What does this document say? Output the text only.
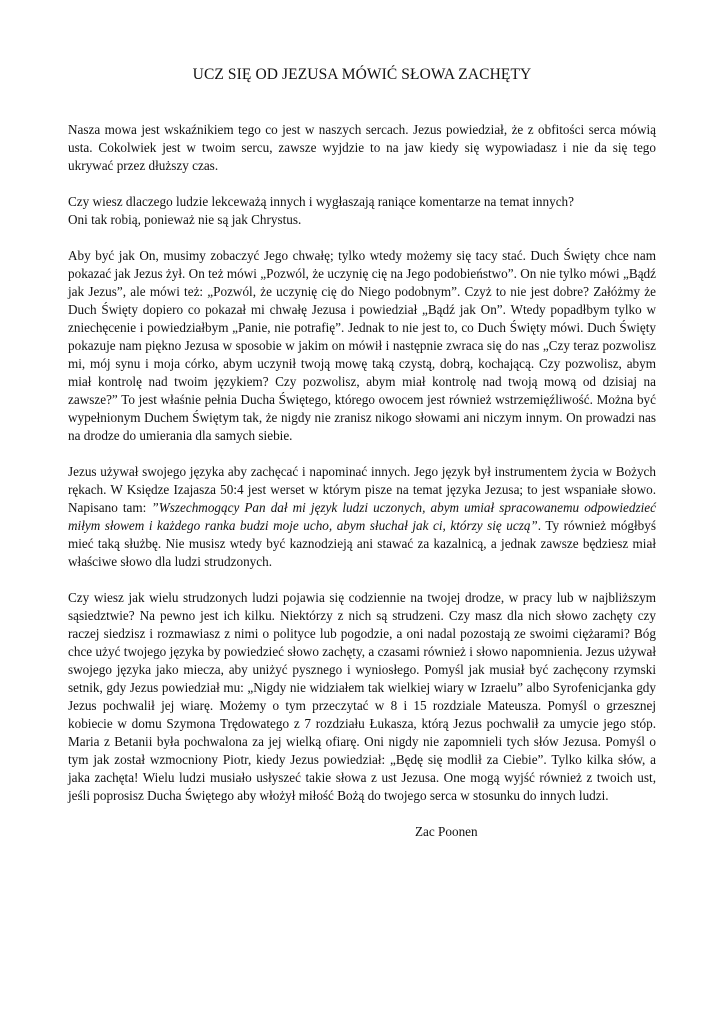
UCZ SIĘ OD JEZUSA MÓWIĆ SŁOWA ZACHĘTY

Nasza mowa jest wskaźnikiem tego co jest w naszych sercach. Jezus powiedział, że z obfitości serca mówią usta. Cokolwiek jest w twoim sercu, zawsze wyjdzie to na jaw kiedy się wypowiadasz i nie da się tego ukrywać przez dłuższy czas.

Czy wiesz dlaczego ludzie lekceważą innych i wygłaszają raniące komentarze na temat innych?
Oni tak robią, ponieważ nie są jak Chrystus.

Aby być jak On, musimy zobaczyć Jego chwałę; tylko wtedy możemy się tacy stać. Duch Święty chce nam pokazać jak Jezus żył. On też mówi „Pozwól, że uczynię cię na Jego podobieństwo”. On nie tylko mówi „Bądź jak Jezus”, ale mówi też: „Pozwól, że uczynię cię do Niego podobnym”. Czyż to nie jest dobre? Załóżmy że Duch Święty dopiero co pokazał mi chwałę Jezusa i powiedział „Bądź jak On”. Wtedy popadłbym tylko w zniechęcenie i powiedziałbym „Panie, nie potrafię”. Jednak to nie jest to, co Duch Święty mówi. Duch Święty pokazuje nam piękno Jezusa w sposobie w jakim on mówił i następnie zwraca się do nas „Czy teraz pozwolisz mi, mój synu i moja córko, abym uczynił twoją mowę taką czystą, dobrą, kochającą. Czy pozwolisz, abym miał kontrolę nad twoim językiem? Czy pozwolisz, abym miał kontrolę nad twoją mową od dzisiaj na zawsze?” To jest właśnie pełnia Ducha Świętego, którego owocem jest również wstrzemięźliwość. Można być wypełnionym Duchem Świętym tak, że nigdy nie zranisz nikogo słowami ani niczym innym. On prowadzi nas na drodze do umierania dla samych siebie.

Jezus używał swojego języka aby zachęcać i napominać innych. Jego język był instrumentem życia w Bożych rękach. W Księdze Izajasza 50:4 jest werset w którym pisze na temat języka Jezusa; to jest wspaniałe słowo. Napisano tam: ”Wszechmogący Pan dał mi język ludzi uczonych, abym umiał spracowanemu odpowiedzieć miłym słowem i każdego ranka budzi moje ucho, abym słuchał jak ci, którzy się uczą”. Ty również mógłbyś mieć taką służbę. Nie musisz wtedy być kaznodzieją ani stawać za kazalnicą, a jednak zawsze będziesz miał właściwe słowo dla ludzi strudzonych.

Czy wiesz jak wielu strudzonych ludzi pojawia się codziennie na twojej drodze, w pracy lub w najbliższym sąsiedztwie? Na pewno jest ich kilku. Niektórzy z nich są strudzeni. Czy masz dla nich słowo zachęty czy raczej siedzisz i rozmawiasz z nimi o polityce lub pogodzie, a oni nadal pozostają ze swoimi ciężarami? Bóg chce użyć twojego języka by powiedzieć słowo zachęty, a czasami również i słowo napomnienia. Jezus używał swojego języka jako miecza, aby uniżyć pysznego i wyniosłego. Pomyśl jak musiał być zachęcony rzymski setnik, gdy Jezus powiedział mu: „Nigdy nie widziałem tak wielkiej wiary w Izraelu” albo Syrofenicjanka gdy Jezus pochwalił jej wiarę. Możemy o tym przeczytać w 8 i 15 rozdziale Mateusza. Pomyśl o grzesznej kobiecie w domu Szymona Trędowatego z 7 rozdziału Łukasza, którą Jezus pochwalił za umycie jego stóp. Maria z Betanii była pochwalona za jej wielką ofiarę. Oni nigdy nie zapomnieli tych słów Jezusa. Pomyśl o tym jak został wzmocniony Piotr, kiedy Jezus powiedział: „Będę się modlił za Ciebie”. Tylko kilka słów, a jaka zachęta! Wielu ludzi musiało usłyszeć takie słowa z ust Jezusa. One mogą wyjść również z twoich ust, jeśli poprosisz Ducha Świętego aby włożył miłość Bożą do twojego serca w stosunku do innych ludzi.

Zac Poonen
